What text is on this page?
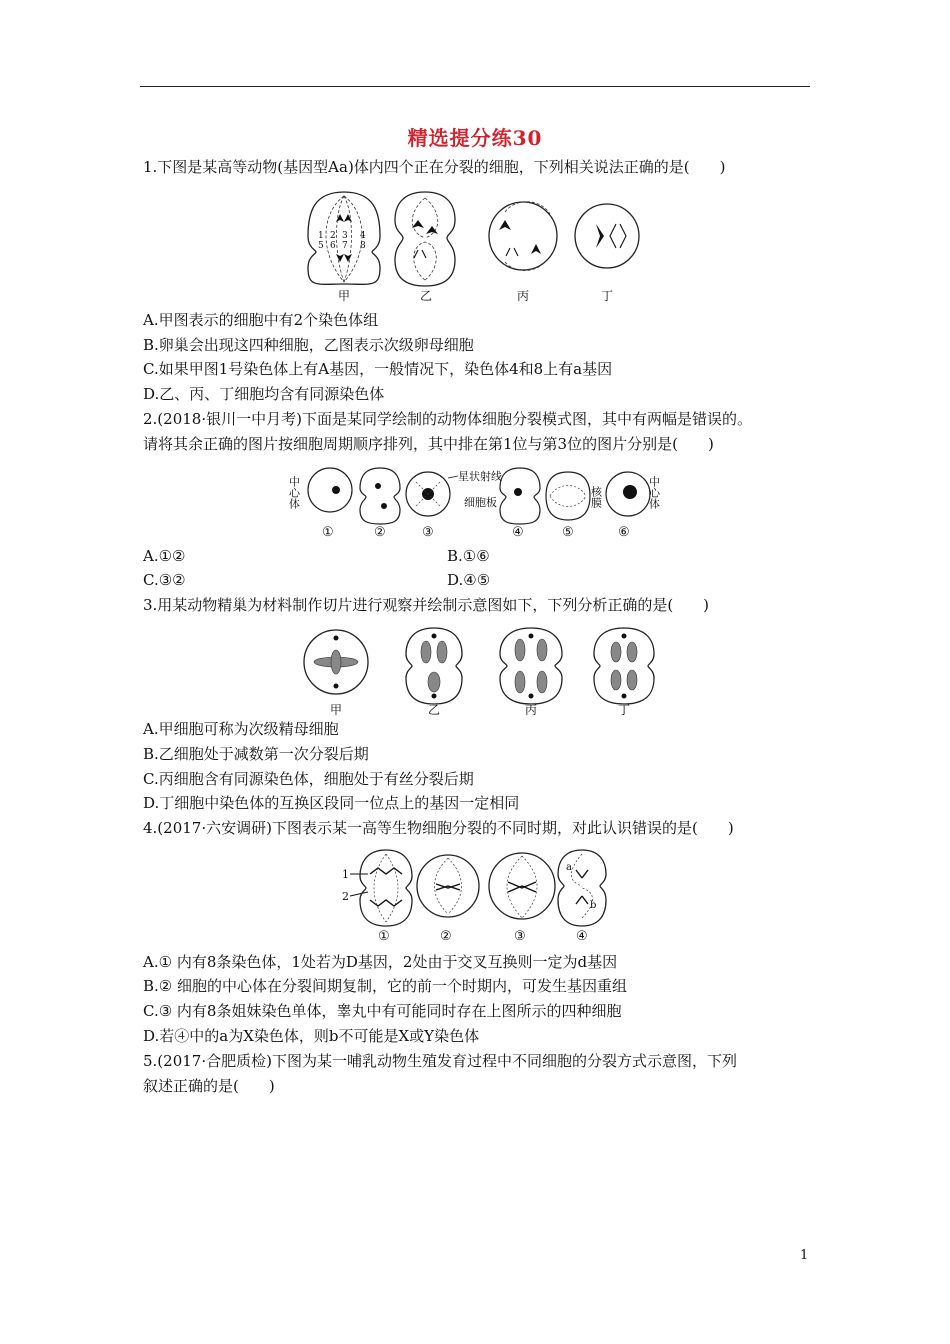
精选提分练30
1.下图是某高等动物(基因型Aa)体内四个正在分裂的细胞，下列相关说法正确的是(　　)
1 2 3 4
5 6 7 8
甲	乙	丙	丁
A.甲图表示的细胞中有2个染色体组
B.卵巢会出现这四种细胞，乙图表示次级卵母细胞
C.如果甲图1号染色体上有A基因，一般情况下，染色体4和8上有a基因
D.乙、丙、丁细胞均含有同源染色体
2.(2018·银川一中月考)下面是某同学绘制的动物体细胞分裂模式图，其中有两幅是错误的。
请将其余正确的图片按细胞周期顺序排列，其中排在第1位与第3位的图片分别是(　　)
中心体	星状射线
细胞板	核膜	中心体
①	②	③	④	⑤	⑥
A.①②	B.①⑥
C.③②	D.④⑤
3.用某动物精巢为材料制作切片进行观察并绘制示意图如下，下列分析正确的是(　　)
甲	乙	丙	丁
A.甲细胞可称为次级精母细胞
B.乙细胞处于减数第一次分裂后期
C.丙细胞含有同源染色体，细胞处于有丝分裂后期
D.丁细胞中染色体的互换区段同一位点上的基因一定相同
4.(2017·六安调研)下图表示某一高等生物细胞分裂的不同时期，对此认识错误的是(　　)
1
2
a
b
①	②	③	④
A.① 内有8条染色体，1处若为D基因，2处由于交叉互换则一定为d基因
B.② 细胞的中心体在分裂间期复制，它的前一个时期内，可发生基因重组
C.③ 内有8条姐妹染色单体，睾丸中有可能同时存在上图所示的四种细胞
D.若④中的a为X染色体，则b不可能是X或Y染色体
5.(2017·合肥质检)下图为某一哺乳动物生殖发育过程中不同细胞的分裂方式示意图，下列
叙述正确的是(　　)
1
